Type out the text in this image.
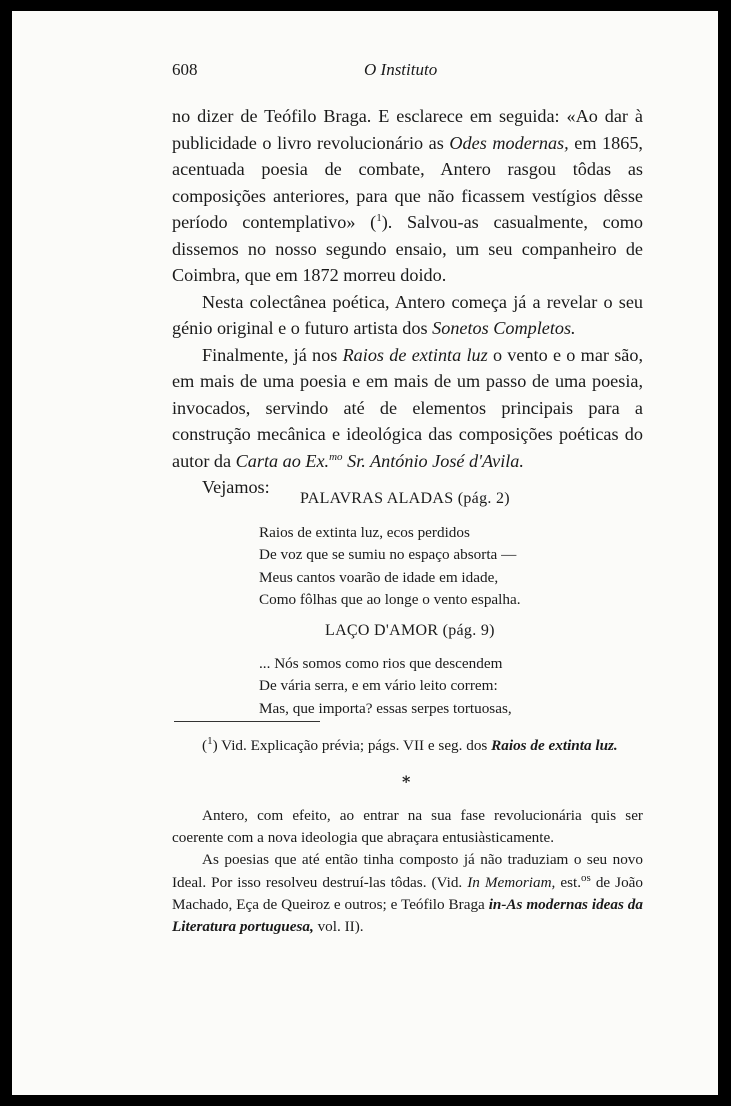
608	O Instituto

no dizer de Teófilo Braga. E esclarece em seguida: «Ao dar à publicidade o livro revolucionário as Odes modernas, em 1865, acentuada poesia de combate, Antero rasgou tôdas as composições anteriores, para que não ficassem vestígios dêsse período contemplativo» ($^1$). Salvou-as casualmente, como dissemos no nosso segundo ensaio, um seu companheiro de Coimbra, que em 1872 morreu doido.

Nesta colectânea poética, Antero começa já a revelar o seu génio original e o futuro artista dos Sonetos Completos.

Finalmente, já nos Raios de extinta luz o vento e o mar são, em mais de uma poesia e em mais de um passo de uma poesia, invocados, servindo até de elementos principais para a construção mecânica e ideológica das composições poéticas do autor da Carta ao Ex.$^{mo}$ Sr. António José d'Avila.

Vejamos:

PALAVRAS ALADAS (pág. 2)
Raios de extinta luz, ecos perdidos
De voz que se sumiu no espaço absorta —
Meus cantos voarão de idade em idade,
Como fôlhas que ao longe o vento espalha.
LAÇO D'AMOR (pág. 9)
... Nós somos como rios que descendem
De vária serra, e em vário leito correm:
Mas, que importa? essas serpes tortuosas,
($^1$) Vid. Explicação prévia; págs. VII e seg. dos Raios de extinta luz.
*

Antero, com efeito, ao entrar na sua fase revolucionária quis ser coerente com a nova ideologia que abraçara entusiàsticamente.

As poesias que até então tinha composto já não traduziam o seu novo Ideal. Por isso resolveu destruí-las tôdas. (Vid. In Memoriam, est.$^{os}$ de João Machado, Eça de Queiroz e outros; e Teófilo Braga in-As modernas ideas da Literatura portuguesa, vol. II).
